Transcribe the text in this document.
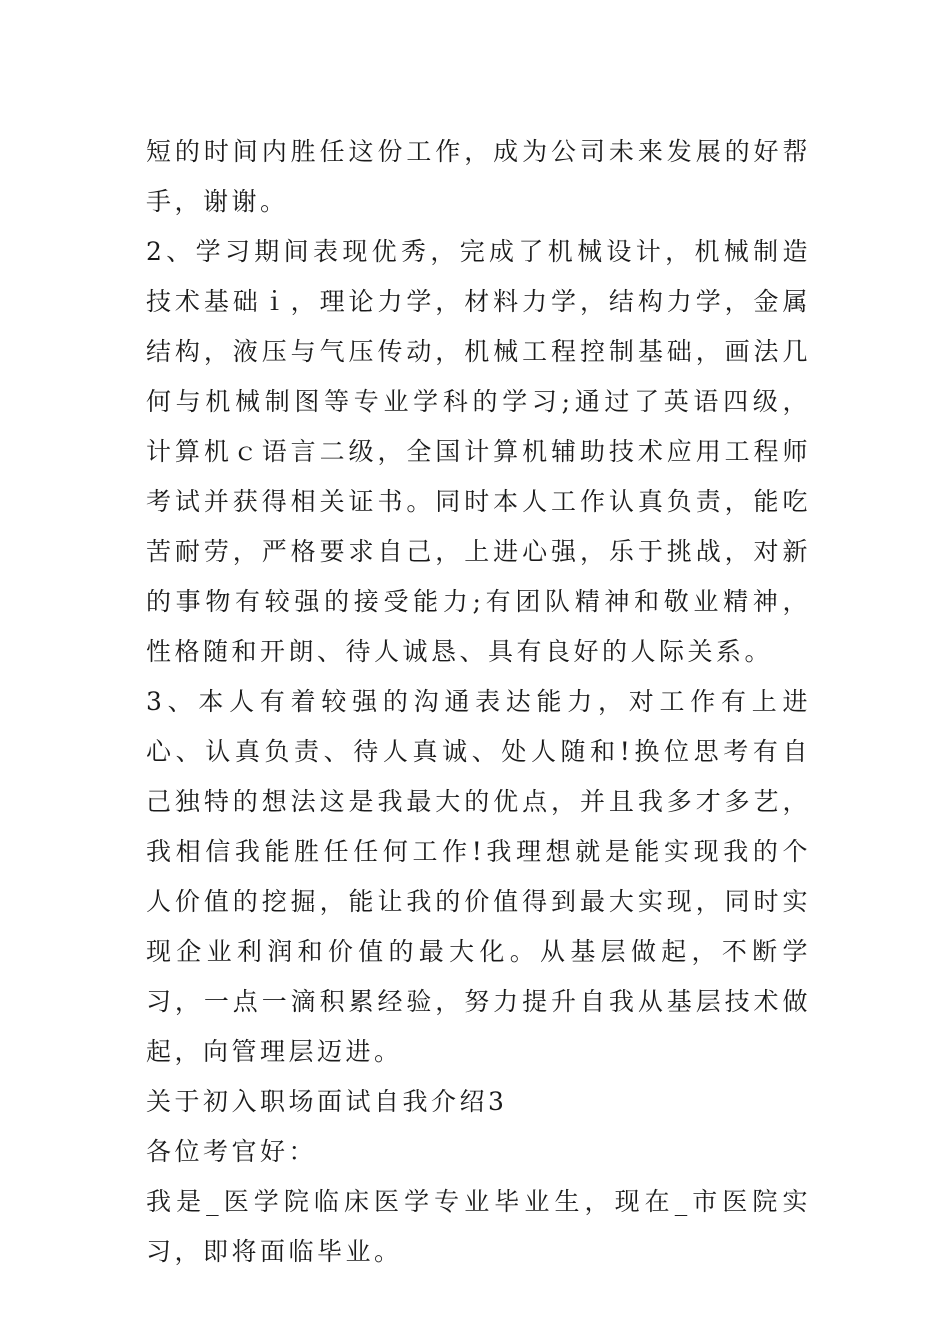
短的时间内胜任这份工作，成为公司未来发展的好帮手，谢谢。

2、学习期间表现优秀，完成了机械设计，机械制造技术基础ｉ，理论力学，材料力学，结构力学，金属结构，液压与气压传动，机械工程控制基础，画法几何与机械制图等专业学科的学习;通过了英语四级，计算机ｃ语言二级，全国计算机辅助技术应用工程师考试并获得相关证书。同时本人工作认真负责，能吃苦耐劳，严格要求自己，上进心强，乐于挑战，对新的事物有较强的接受能力;有团队精神和敬业精神，性格随和开朗、待人诚恳、具有良好的人际关系。

3、本人有着较强的沟通表达能力，对工作有上进心、认真负责、待人真诚、处人随和!换位思考有自己独特的想法这是我最大的优点，并且我多才多艺，我相信我能胜任任何工作!我理想就是能实现我的个人价值的挖掘，能让我的价值得到最大实现，同时实现企业利润和价值的最大化。从基层做起，不断学习，一点一滴积累经验，努力提升自我从基层技术做起，向管理层迈进。

关于初入职场面试自我介绍3

各位考官好：

我是_医学院临床医学专业毕业生，现在_市医院实习，即将面临毕业。
